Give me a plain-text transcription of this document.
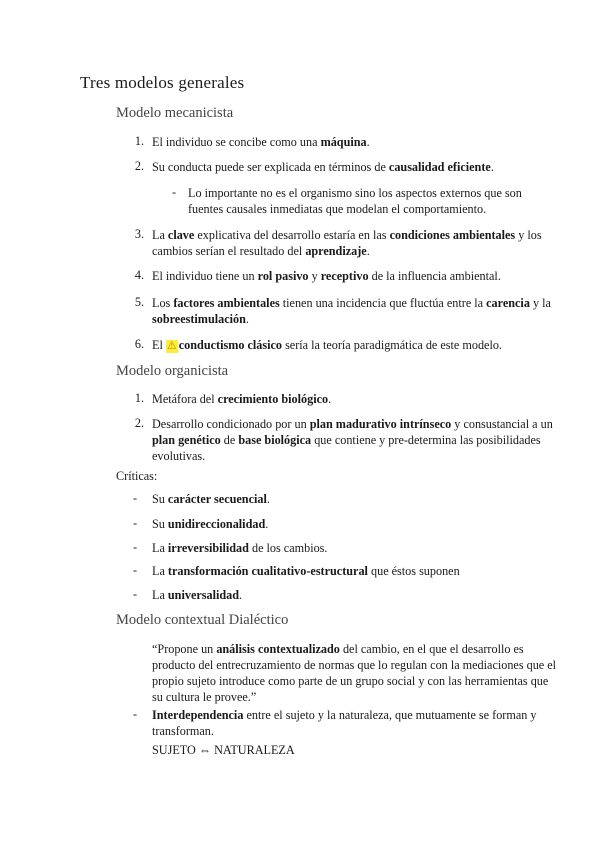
Tres modelos generales
Modelo mecanicista
1. El individuo se concibe como una máquina.
2. Su conducta puede ser explicada en términos de causalidad eficiente.
- Lo importante no es el organismo sino los aspectos externos que son
fuentes causales inmediatas que modelan el comportamiento.
3. La clave explicativa del desarrollo estaría en las condiciones ambientales y los
cambios serían el resultado del aprendizaje.
4. El individuo tiene un rol pasivo y receptivo de la influencia ambiental.
5. Los factores ambientales tienen una incidencia que fluctúa entre la carencia y la
sobreestimulación.
6. El ⚠ conductismo clásico sería la teoría paradigmática de este modelo.
Modelo organicista
1. Metáfora del crecimiento biológico.
2. Desarrollo condicionado por un plan madurativo intrínseco y consustancial a un
plan genético de base biológica que contiene y pre-determina las posibilidades
evolutivas.
Críticas:
- Su carácter secuencial.
- Su unidireccionalidad.
- La irreversibilidad de los cambios.
- La transformación cualitativo-estructural que éstos suponen
- La universalidad.
Modelo contextual Dialéctico
“Propone un análisis contextualizado del cambio, en el que el desarrollo es
producto del entrecruzamiento de normas que lo regulan con la mediaciones que el
propio sujeto introduce como parte de un grupo social y con las herramientas que
su cultura le provee.”
- Interdependencia entre el sujeto y la naturaleza, que mutuamente se forman y
transforman.
SUJETO ⇔ NATURALEZA
